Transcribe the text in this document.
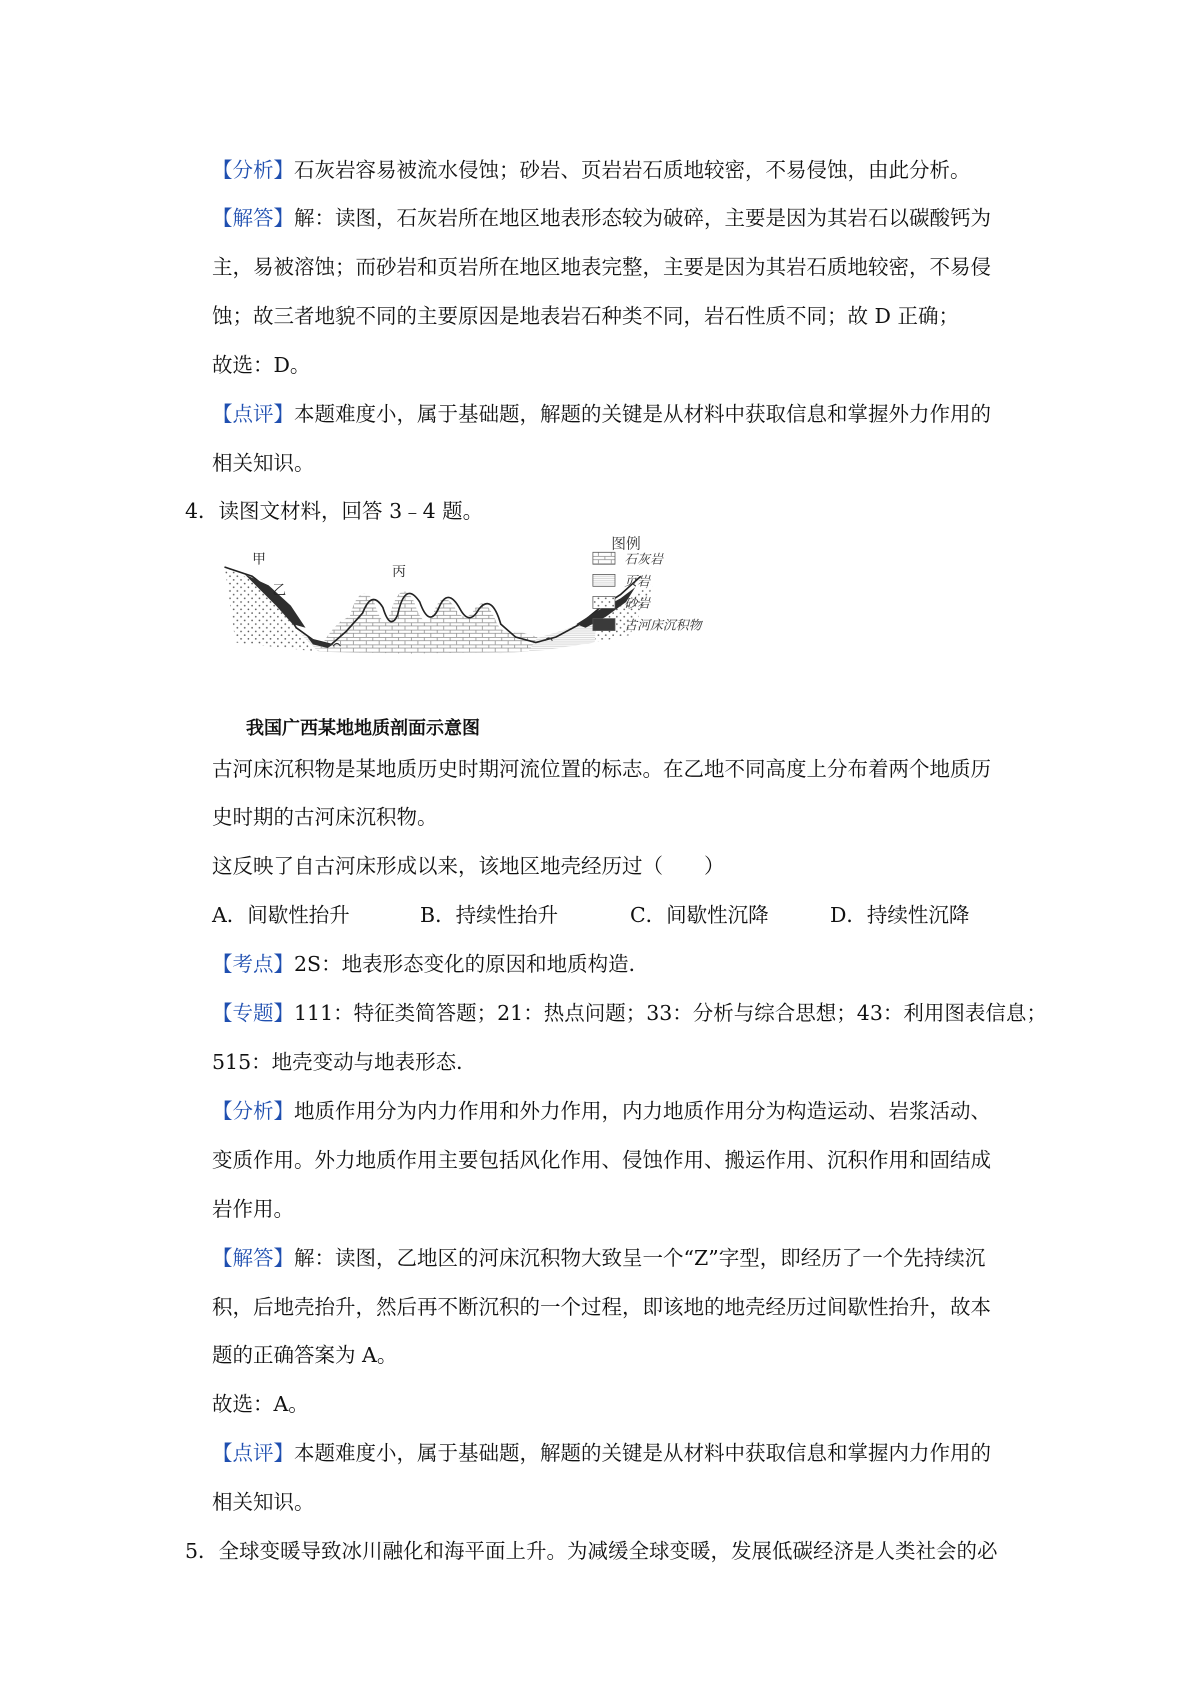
【分析】石灰岩容易被流水侵蚀；砂岩、页岩岩石质地较密，不易侵蚀，由此分析。
【解答】解：读图，石灰岩所在地区地表形态较为破碎，主要是因为其岩石以碳酸钙为
主，易被溶蚀；而砂岩和页岩所在地区地表完整，主要是因为其岩石质地较密，不易侵
蚀；故三者地貌不同的主要原因是地表岩石种类不同，岩石性质不同；故 D 正确；
故选：D。
【点评】本题难度小，属于基础题，解题的关键是从材料中获取信息和掌握外力作用的
相关知识。
4．读图文材料，回答 3﹣4 题。
甲
乙
丙
图例
石灰岩
页岩
砂岩
古河床沉积物
我国广西某地地质剖面示意图
古河床沉积物是某地质历史时期河流位置的标志。在乙地不同高度上分布着两个地质历
史时期的古河床沉积物。
这反映了自古河床形成以来，该地区地壳经历过（　　）
A．间歇性抬升	B．持续性抬升	C．间歇性沉降	D．持续性沉降
【考点】2S：地表形态变化的原因和地质构造．
【专题】111：特征类简答题；21：热点问题；33：分析与综合思想；43：利用图表信息；
515：地壳变动与地表形态．
【分析】地质作用分为内力作用和外力作用，内力地质作用分为构造运动、岩浆活动、
变质作用。外力地质作用主要包括风化作用、侵蚀作用、搬运作用、沉积作用和固结成
岩作用。
【解答】解：读图，乙地区的河床沉积物大致呈一个“Z”字型，即经历了一个先持续沉
积，后地壳抬升，然后再不断沉积的一个过程，即该地的地壳经历过间歇性抬升，故本
题的正确答案为 A。
故选：A。
【点评】本题难度小，属于基础题，解题的关键是从材料中获取信息和掌握内力作用的
相关知识。
5．全球变暖导致冰川融化和海平面上升。为减缓全球变暖，发展低碳经济是人类社会的必
